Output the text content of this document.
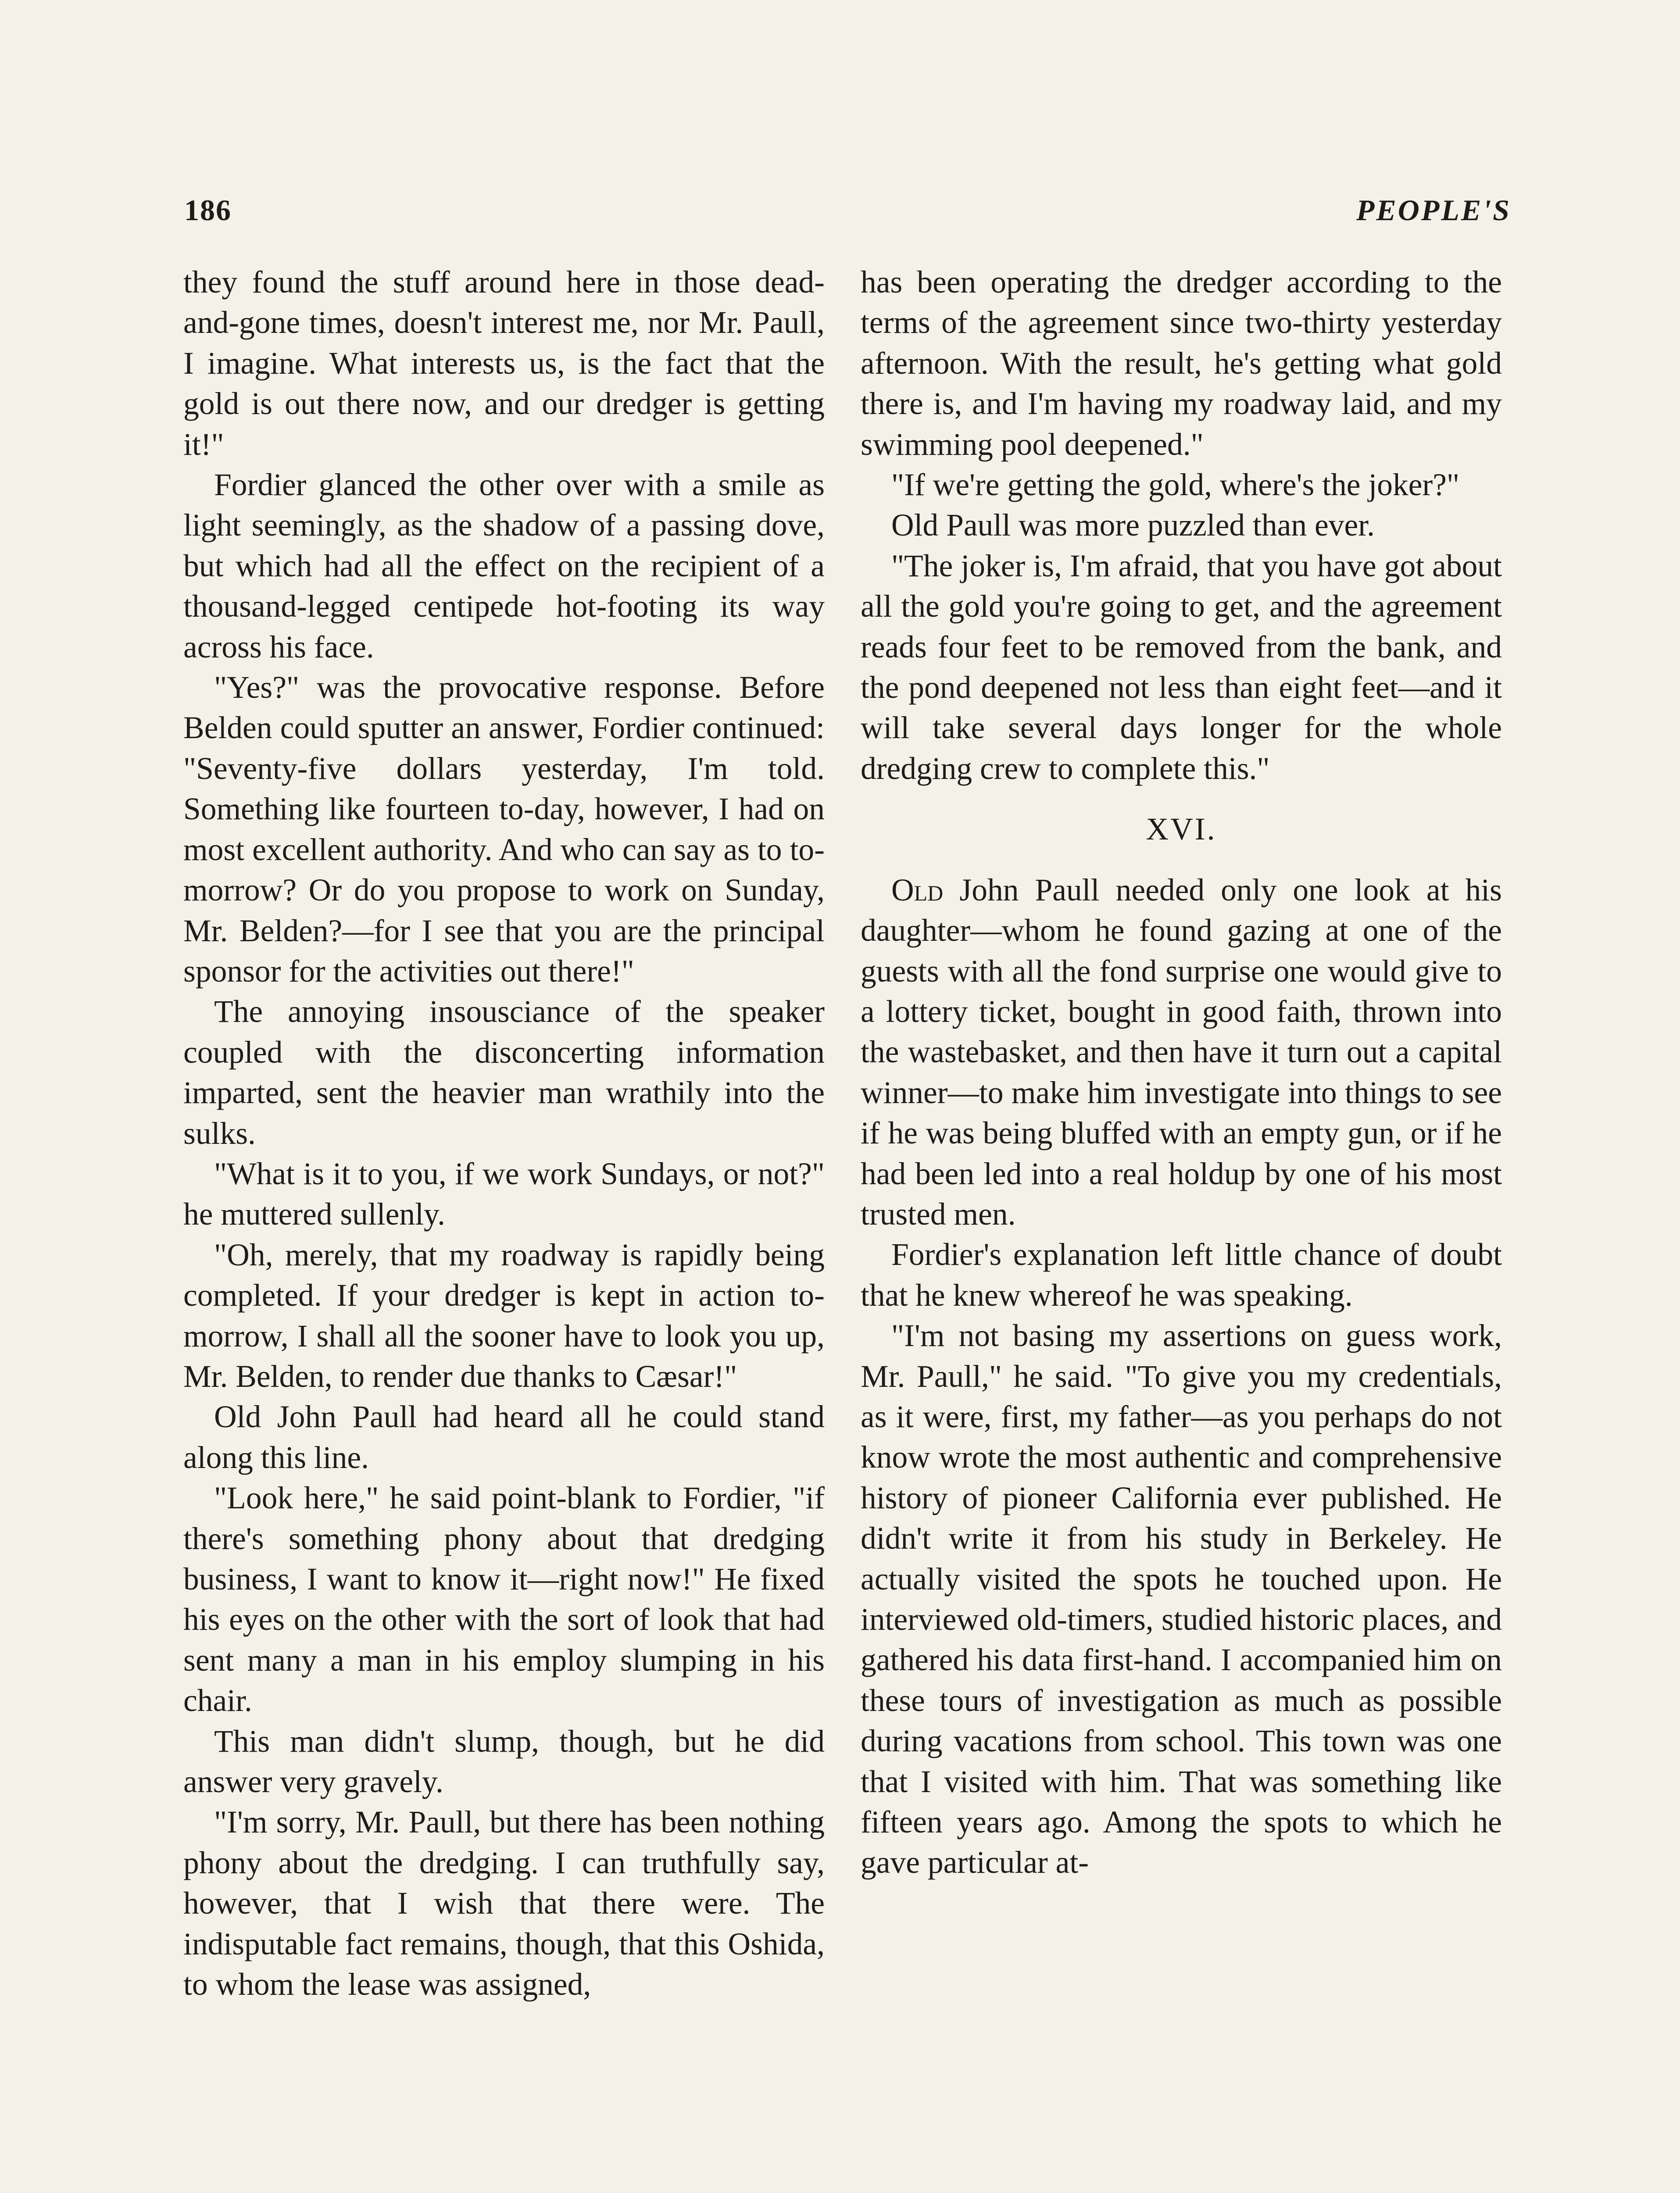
186	PEOPLE'S

they found the stuff around here in those dead-and-gone times, doesn't interest me, nor Mr. Paull, I imagine. What interests us, is the fact that the gold is out there now, and our dredger is getting it!"

Fordier glanced the other over with a smile as light seemingly, as the shadow of a passing dove, but which had all the effect on the recipient of a thousand-legged centipede hot-footing its way across his face.

"Yes?" was the provocative response. Before Belden could sputter an answer, Fordier continued: "Seventy-five dollars yesterday, I'm told. Something like fourteen to-day, however, I had on most excellent authority. And who can say as to to-morrow? Or do you propose to work on Sunday, Mr. Belden?—for I see that you are the principal sponsor for the activities out there!"

The annoying insousciance of the speaker coupled with the disconcerting information imparted, sent the heavier man wrathily into the sulks.

"What is it to you, if we work Sundays, or not?" he muttered sullenly.

"Oh, merely, that my roadway is rapidly being completed. If your dredger is kept in action to-morrow, I shall all the sooner have to look you up, Mr. Belden, to render due thanks to Cæsar!"

Old John Paull had heard all he could stand along this line.

"Look here," he said point-blank to Fordier, "if there's something phony about that dredging business, I want to know it—right now!" He fixed his eyes on the other with the sort of look that had sent many a man in his employ slumping in his chair.

This man didn't slump, though, but he did answer very gravely.

"I'm sorry, Mr. Paull, but there has been nothing phony about the dredging. I can truthfully say, however, that I wish that there were. The indisputable fact remains, though, that this Oshida, to whom the lease was assigned,

has been operating the dredger according to the terms of the agreement since two-thirty yesterday afternoon. With the result, he's getting what gold there is, and I'm having my roadway laid, and my swimming pool deepened."

"If we're getting the gold, where's the joker?"

Old Paull was more puzzled than ever.

"The joker is, I'm afraid, that you have got about all the gold you're going to get, and the agreement reads four feet to be removed from the bank, and the pond deepened not less than eight feet—and it will take several days longer for the whole dredging crew to complete this."

XVI.

Old John Paull needed only one look at his daughter—whom he found gazing at one of the guests with all the fond surprise one would give to a lottery ticket, bought in good faith, thrown into the wastebasket, and then have it turn out a capital winner—to make him investigate into things to see if he was being bluffed with an empty gun, or if he had been led into a real holdup by one of his most trusted men.

Fordier's explanation left little chance of doubt that he knew whereof he was speaking.

"I'm not basing my assertions on guess work, Mr. Paull," he said. "To give you my credentials, as it were, first, my father—as you perhaps do not know wrote the most authentic and comprehensive history of pioneer California ever published. He didn't write it from his study in Berkeley. He actually visited the spots he touched upon. He interviewed old-timers, studied historic places, and gathered his data first-hand. I accompanied him on these tours of investigation as much as possible during vacations from school. This town was one that I visited with him. That was something like fifteen years ago. Among the spots to which he gave particular at-
